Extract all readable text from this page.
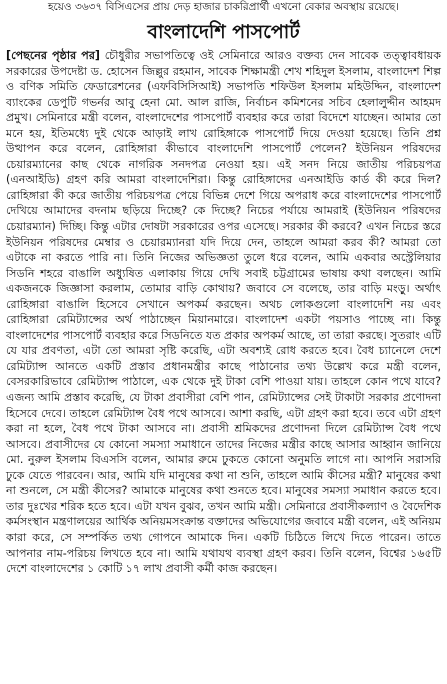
হয়েও ৩৬৩৭ বিসিএসের প্রায় দেড় হাজার চাকরিপ্রার্থী এখনো বেকার অবস্থায় রয়েছে।
বাংলাদেশি পাসপোর্ট
[পেছনের পৃষ্ঠার পর] চৌধুরীর সভাপতিত্বে ওই সেমিনারে আরও বক্তব্য দেন সাবেক তত্ত্বাবধায়ক সরকারের উপদেষ্টা ড. হোসেন জিল্লুর রহমান, সাবেক শিক্ষামন্ত্রী শেখ শহিদুল ইসলাম, বাংলাদেশ শিল্প ও বণিক সমিতি ফেডারেশনের (এফবিসিসিআই) সভাপতি শফিউল ইসলাম মহিউদ্দিন, বাংলাদেশ ব্যাংকের ডেপুটি গভর্নর আবু হেনা মো. আল রাজি, নির্বাচন কমিশনের সচিব হেলালুদ্দীন আহমদ প্রমুখ। সেমিনারে মন্ত্রী বলেন, বাংলাদেশের পাসপোর্ট ব্যবহার করে তারা বিদেশে যাচ্ছেন। আমার তো মনে হয়, ইতিমধ্যে দুই থেকে আড়াই লাখ রোহিঙ্গাকে পাসপোর্ট দিয়ে দেওয়া হয়েছে। তিনি প্রশ্ন উত্থাপন করে বলেন, রোহিঙ্গারা কীভাবে বাংলাদেশি পাসপোর্ট পেলেন? ইউনিয়ন পরিষদের চেয়ারম্যানের কাছ থেকে নাগরিক সনদপত্র নেওয়া হয়। এই সনদ নিয়ে জাতীয় পরিচয়পত্র (এনআইডি) গ্রহণ করি আমরা বাংলাদেশিরা। কিন্তু রোহিঙ্গাদের এনআইডি কার্ড কী করে দিল? রোহিঙ্গারা কী করে জাতীয় পরিচয়পত্র পেয়ে বিভিন্ন দেশে গিয়ে অপরাধ করে বাংলাদেশের পাসপোর্ট দেখিয়ে আমাদের বদনাম ছড়িয়ে দিচ্ছে? কে দিচ্ছে? নিচের পর্যায়ে আমরাই (ইউনিয়ন পরিষদের চেয়ারম্যান) দিচ্ছি। কিন্তু এটার দোষটা সরকারের ওপর এসেছে। সরকার কী করবে? এখন নিচের স্তরে ইউনিয়ন পরিষদের মেম্বার ও চেয়ারম্যানরা যদি দিয়ে দেন, তাহলে আমরা করব কী? আমরা তো এটাকে না করতে পারি না। তিনি নিজের অভিজ্ঞতা তুলে ধরে বলেন, আমি একবার অস্ট্রেলিয়ার সিডনি শহরে বাঙালি অধ্যুষিত এলাকায় গিয়ে দেখি সবাই চট্টগ্রামের ভাষায় কথা বলছেন। আমি একজনকে জিজ্ঞাসা করলাম, তোমার বাড়ি কোথায়? জবাবে সে বলেছে, তার বাড়ি মংড়ু। অর্থাৎ রোহিঙ্গারা বাঙালি হিসেবে সেখানে অপকর্ম করছেন। অথচ লোকগুলো বাংলাদেশি নয় এবং রোহিঙ্গারা রেমিট্যান্সের অর্থ পাঠাচ্ছেন মিয়ানমারে। বাংলাদেশ একটা পয়সাও পাচ্ছে না। কিন্তু বাংলাদেশের পাসপোর্ট ব্যবহার করে সিডনিতে যত প্রকার অপকর্ম আছে, তা তারা করছে। সুতরাং এটি যে যার প্রবণতা, এটা তো আমরা সৃষ্টি করেছি, এটা অবশ্যই রোধ করতে হবে। বৈধ চ্যানেলে দেশে রেমিট্যান্স আনতে একটি প্রস্তাব প্রধানমন্ত্রীর কাছে পাঠানোর তথ্য উল্লেখ করে মন্ত্রী বলেন, বেসরকারিভাবে রেমিট্যান্স পাঠালে, এক থেকে দুই টাকা বেশি পাওয়া যায়। তাহলে কোন পথে যাবে? এজন্য আমি প্রস্তাব করেছি, যে টাকা প্রবাসীরা বেশি পান, রেমিট্যান্সের সেই টাকাটা সরকার প্রণোদনা হিসেবে দেবে। তাহলে রেমিট্যান্স বৈধ পথে আসবে। আশা করছি, এটা গ্রহণ করা হবে। তবে এটা গ্রহণ করা না হলে, বৈধ পথে টাকা আসবে না। প্রবাসী শ্রমিকদের প্রণোদনা দিলে রেমিট্যান্স বৈধ পথে আসবে। প্রবাসীদের যে কোনো সমস্যা সমাধানে তাদের নিজের মন্ত্রীর কাছে আসার আহ্বান জানিয়ে মো. নুরুল ইসলাম বিএসসি বলেন, আমার রুমে ঢুকতে কোনো অনুমতি লাগে না। আপনি সরাসরি ঢুকে যেতে পারবেন। আর, আমি যদি মানুষের কথা না শুনি, তাহলে আমি কীসের মন্ত্রী? মানুষের কথা না শুনলে, সে মন্ত্রী কীসের? আমাকে মানুষের কথা শুনতে হবে। মানুষের সমস্যা সমাধান করতে হবে। তার দুঃখের শরিক হতে হবে। এটা যখন বুঝব, তখন আমি মন্ত্রী। সেমিনারে প্রবাসীকল্যাণ ও বৈদেশিক কর্মসংস্থান মন্ত্রণালয়ের আর্থিক অনিয়মসংক্রান্ত বক্তাদের অভিযোগের জবাবে মন্ত্রী বলেন, এই অনিয়ম কারা করে, সে সম্পর্কিত তথ্য গোপনে আমাকে দিন। একটি চিঠিতে লিখে দিতে পারেন। তাতে আপনার নাম-পরিচয় লিখতে হবে না। আমি যথাযথ ব্যবস্থা গ্রহণ করব। তিনি বলেন, বিশ্বের ১৬৫টি দেশে বাংলাদেশের ১ কোটি ১৭ লাখ প্রবাসী কর্মী কাজ করছেন।
